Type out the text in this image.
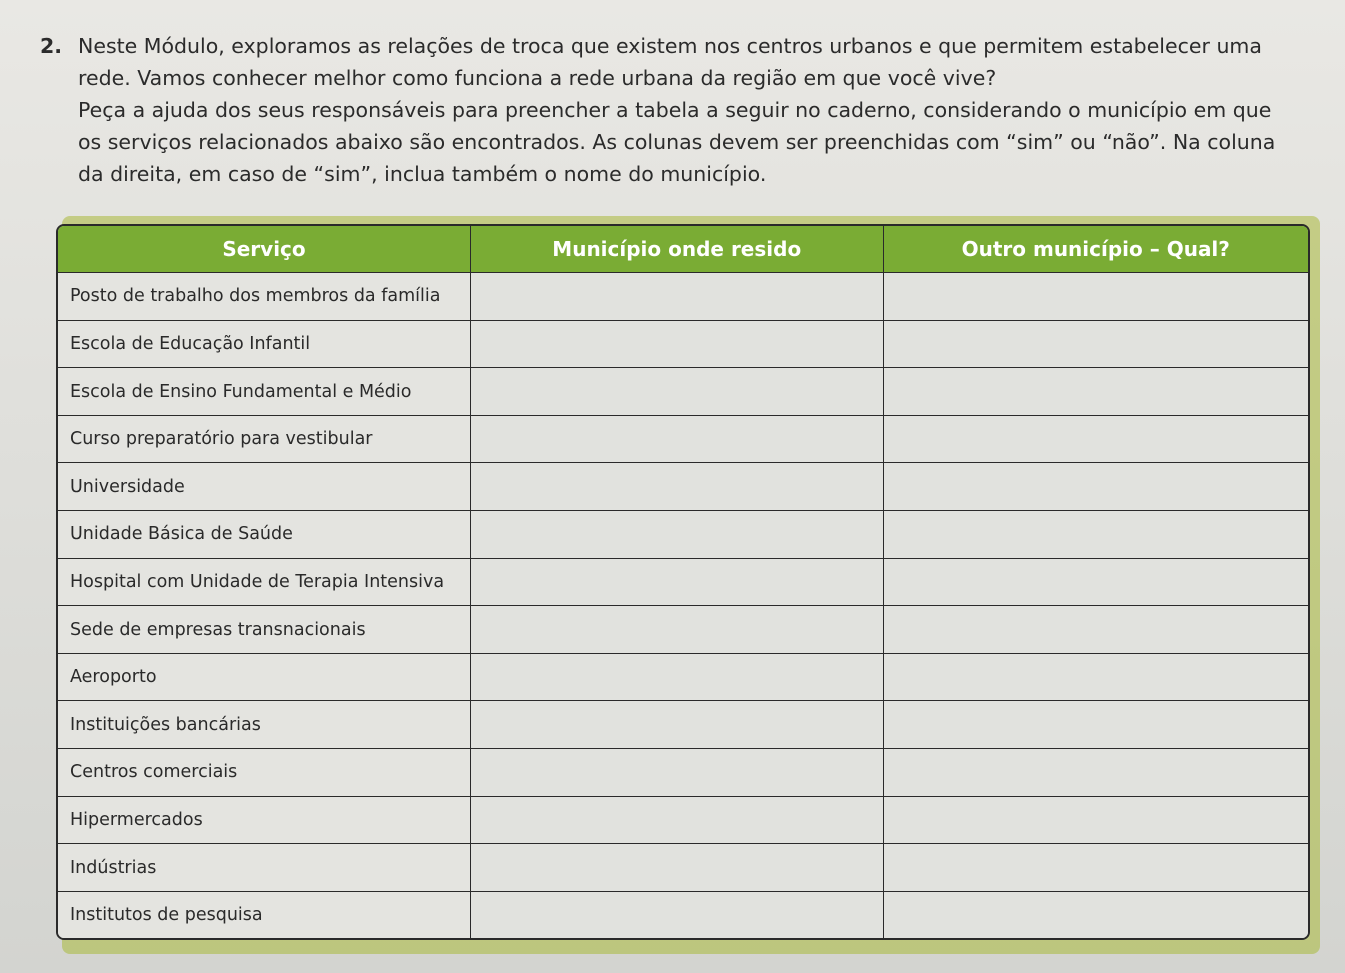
2. Neste Módulo, exploramos as relações de troca que existem nos centros urbanos e que permitem estabelecer uma rede. Vamos conhecer melhor como funciona a rede urbana da região em que você vive?

Peça a ajuda dos seus responsáveis para preencher a tabela a seguir no caderno, considerando o município em que os serviços relacionados abaixo são encontrados. As colunas devem ser preenchidas com “sim” ou “não”. Na coluna da direita, em caso de “sim”, inclua também o nome do município.

Serviço	Município onde resido	Outro município – Qual?
Posto de trabalho dos membros da família		
Escola de Educação Infantil		
Escola de Ensino Fundamental e Médio		
Curso preparatório para vestibular		
Universidade		
Unidade Básica de Saúde		
Hospital com Unidade de Terapia Intensiva		
Sede de empresas transnacionais		
Aeroporto		
Instituições bancárias		
Centros comerciais		
Hipermercados		
Indústrias		
Institutos de pesquisa		
